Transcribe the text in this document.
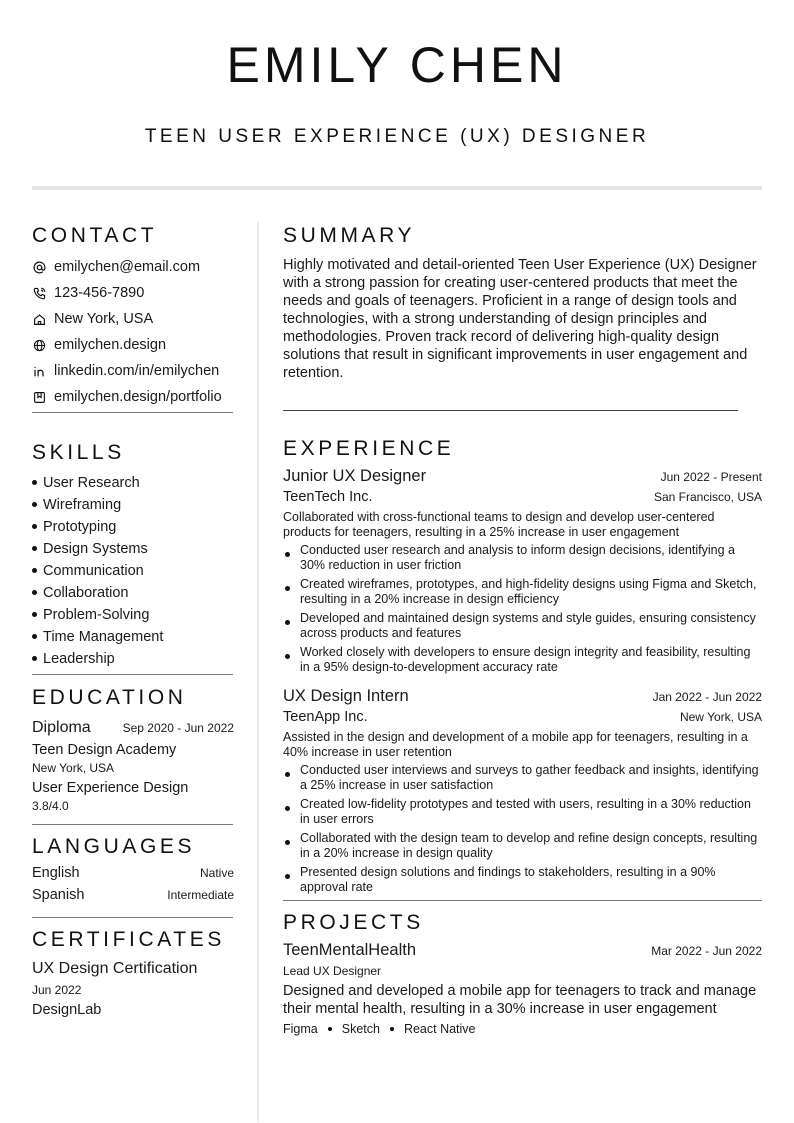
EMILY CHEN
TEEN USER EXPERIENCE (UX) DESIGNER
CONTACT
emilychen@email.com
123-456-7890
New York, USA
emilychen.design
linkedin.com/in/emilychen
emilychen.design/portfolio
SKILLS
User Research
Wireframing
Prototyping
Design Systems
Communication
Collaboration
Problem-Solving
Time Management
Leadership
EDUCATION
Diploma	Sep 2020 - Jun 2022
Teen Design Academy
New York, USA
User Experience Design
3.8/4.0
LANGUAGES
English	Native
Spanish	Intermediate
CERTIFICATES
UX Design Certification
Jun 2022
DesignLab
SUMMARY
Highly motivated and detail-oriented Teen User Experience (UX) Designer with a strong passion for creating user-centered products that meet the needs and goals of teenagers. Proficient in a range of design tools and technologies, with a strong understanding of design principles and methodologies. Proven track record of delivering high-quality design solutions that result in significant improvements in user engagement and retention.
EXPERIENCE
Junior UX Designer	Jun 2022 - Present
TeenTech Inc.	San Francisco, USA
Collaborated with cross-functional teams to design and develop user-centered products for teenagers, resulting in a 25% increase in user engagement
Conducted user research and analysis to inform design decisions, identifying a 30% reduction in user friction
Created wireframes, prototypes, and high-fidelity designs using Figma and Sketch, resulting in a 20% increase in design efficiency
Developed and maintained design systems and style guides, ensuring consistency across products and features
Worked closely with developers to ensure design integrity and feasibility, resulting in a 95% design-to-development accuracy rate
UX Design Intern	Jan 2022 - Jun 2022
TeenApp Inc.	New York, USA
Assisted in the design and development of a mobile app for teenagers, resulting in a 40% increase in user retention
Conducted user interviews and surveys to gather feedback and insights, identifying a 25% increase in user satisfaction
Created low-fidelity prototypes and tested with users, resulting in a 30% reduction in user errors
Collaborated with the design team to develop and refine design concepts, resulting in a 20% increase in design quality
Presented design solutions and findings to stakeholders, resulting in a 90% approval rate
PROJECTS
TeenMentalHealth	Mar 2022 - Jun 2022
Lead UX Designer
Designed and developed a mobile app for teenagers to track and manage their mental health, resulting in a 30% increase in user engagement
Figma Sketch React Native
